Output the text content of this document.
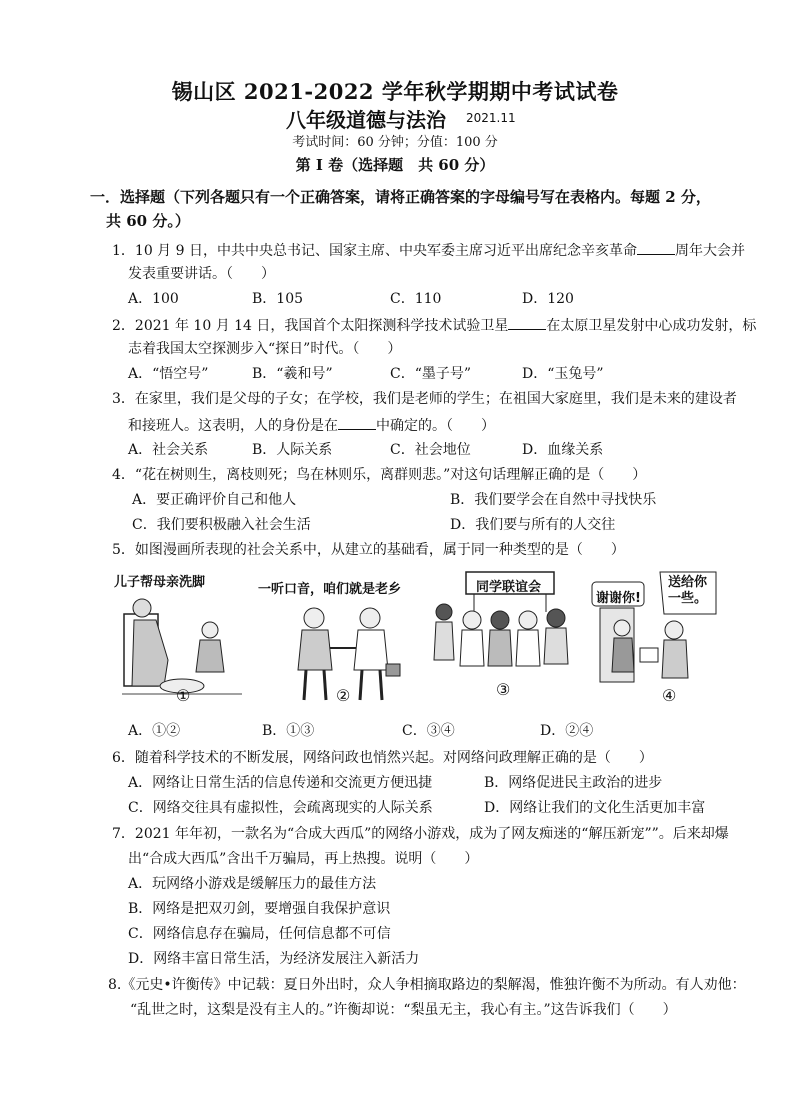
锡山区 2021-2022 学年秋学期期中考试试卷
八年级道德与法治 2021.11
考试时间：60 分钟；分值：100 分
第 I 卷（选择题　共 60 分）
一．选择题（下列各题只有一个正确答案，请将正确答案的字母编号写在表格内。每题 2 分，
共 60 分。）
1．10 月 9 日，中共中央总书记、国家主席、中央军委主席习近平出席纪念辛亥革命	周年大会并
发表重要讲话。（　　）
A．100	B．105	C．110	D．120
2．2021 年 10 月 14 日，我国首个太阳探测科学技术试验卫星	在太原卫星发射中心成功发射，标
志着我国太空探测步入“探日”时代。（　　）
A．“悟空号”	B．“羲和号”	C．“墨子号”	D．“玉兔号”
3．在家里，我们是父母的子女；在学校，我们是老师的学生；在祖国大家庭里，我们是未来的建设者
和接班人。这表明，人的身份是在	中确定的。（　　）
A．社会关系	B．人际关系	C．社会地位	D．血缘关系
4．“花在树则生，离枝则死；鸟在林则乐，离群则悲。”对这句话理解正确的是（　　）
A．要正确评价自己和他人	B．我们要学会在自然中寻找快乐
C．我们要积极融入社会生活	D．我们要与所有的人交往
5．如图漫画所表现的社会关系中，从建立的基础看，属于同一种类型的是（　　）
儿子帮母亲洗脚
①
一听口音，咱们就是老乡
②
同学联谊会
③
谢谢你!
送给你一些。
④
A．①②	B．①③	C．③④	D．②④
6．随着科学技术的不断发展，网络问政也悄然兴起。对网络问政理解正确的是（　　）
A．网络让日常生活的信息传递和交流更方便迅捷	B．网络促进民主政治的进步
C．网络交往具有虚拟性，会疏离现实的人际关系	D．网络让我们的文化生活更加丰富
7．2021 年年初，一款名为“合成大西瓜”的网络小游戏，成为了网友痴迷的“解压新宠””。后来却爆
出“合成大西瓜”含出千万骗局，再上热搜。说明（　　）
A．玩网络小游戏是缓解压力的最佳方法
B．网络是把双刃剑，要增强自我保护意识
C．网络信息存在骗局，任何信息都不可信
D．网络丰富日常生活，为经济发展注入新活力
8.《元史•许衡传》中记载：夏日外出时，众人争相摘取路边的梨解渴，惟独许衡不为所动。有人劝他：
“乱世之时，这梨是没有主人的。”许衡却说：“梨虽无主，我心有主。”这告诉我们（　　）
